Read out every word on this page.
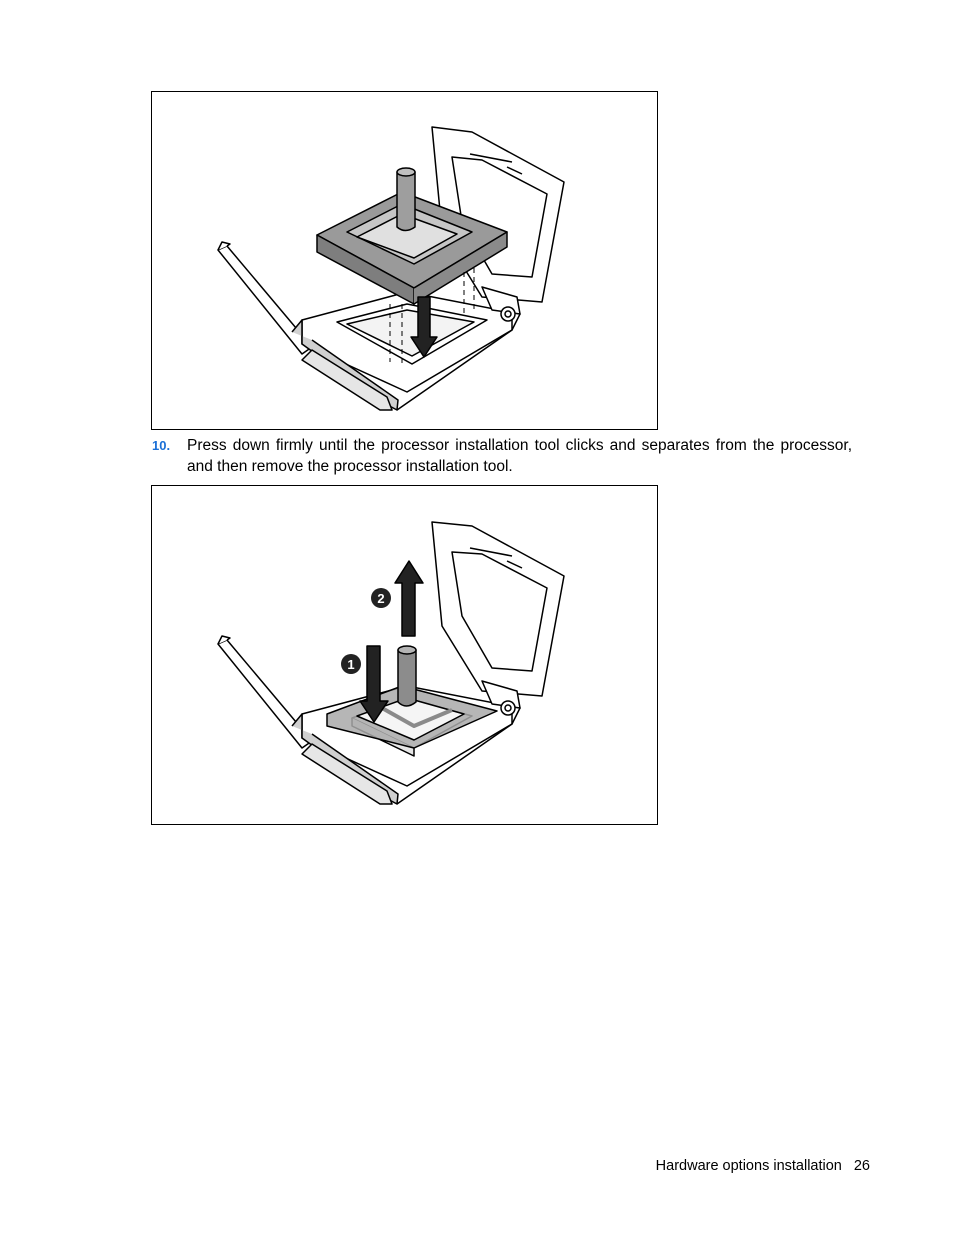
10. Press down firmly until the processor installation tool clicks and separates from the processor, and then remove the processor installation tool.
1
2
Hardware options installation 26
